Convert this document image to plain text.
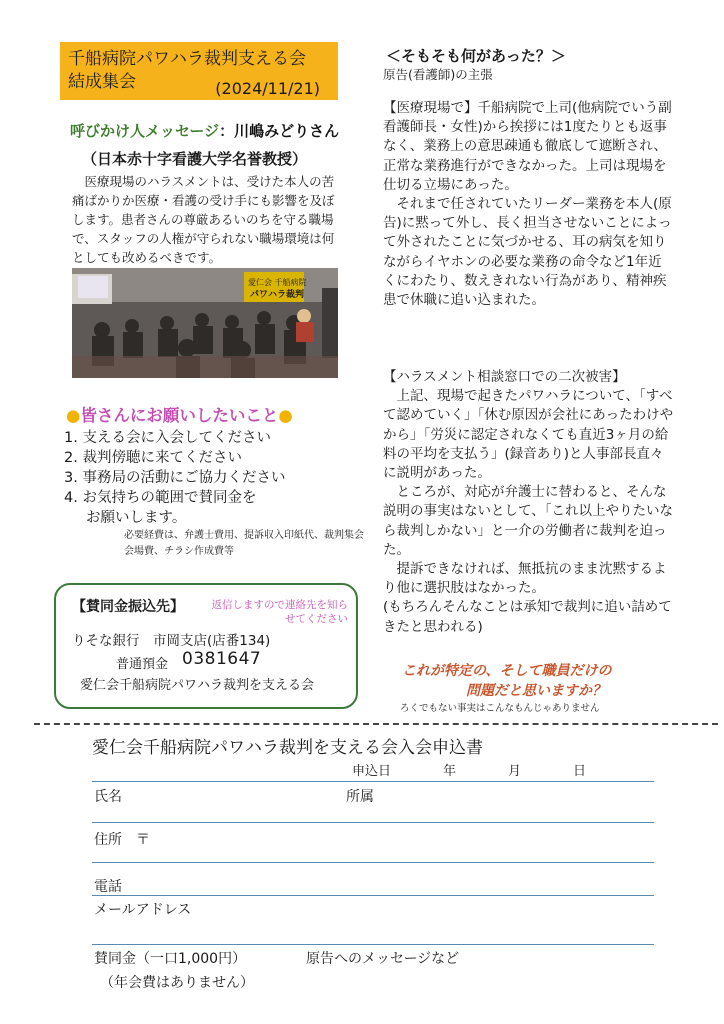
千船病院パワハラ裁判支える会
結成集会	(2024/11/21)
呼びかけ人メッセージ：川嶋みどりさん
（日本赤十字看護大学名誉教授）
医療現場のハラスメントは、受けた本人の苦痛ばかりか医療・看護の受け手にも影響を及ぼします。患者さんの尊厳あるいのちを守る職場で、スタッフの人権が守られない職場環境は何としても改めるべきです。
愛仁会 千船病院
パワハラ裁判
●皆さんにお願いしたいこと●
1. 支える会に入会してください
2. 裁判傍聴に来てください
3. 事務局の活動にご協力ください
4. お気持ちの範囲で賛同金を
お願いします。
必要経費は、弁護士費用、提訴収入印紙代、裁判集会会場費、チラシ作成費等
【賛同金振込先】	返信しますので連絡先を知らせてください
りそな銀行　市岡支店(店番134)
普通預金 0381647
愛仁会千船病院パワハラ裁判を支える会
＜そもそも何があった？＞
原告(看護師)の主張

【医療現場で】千船病院で上司(他病院でいう副看護師長・女性)から挨拶には1度たりとも返事なく、業務上の意思疎通も徹底して遮断され、正常な業務進行ができなかった。上司は現場を仕切る立場にあった。

それまで任されていたリーダー業務を本人(原告)に黙って外し、長く担当させないことによって外されたことに気づかせる、耳の病気を知りながらイヤホンの必要な業務の命令など1年近くにわたり、数えきれない行為があり、精神疾患で休職に追い込まれた。

【ハラスメント相談窓口での二次被害】

上記、現場で起きたパワハラについて、「すべて認めていく」「休む原因が会社にあったわけやから」「労災に認定されなくても直近3ヶ月の給料の平均を支払う」(録音あり)と人事部長直々に説明があった。

ところが、対応が弁護士に替わると、そんな説明の事実はないとして、「これ以上やりたいなら裁判しかない」と一介の労働者に裁判を迫った。

提訴できなければ、無抵抗のまま沈黙するより他に選択肢はなかった。

(もちろんそんなことは承知で裁判に追い詰めてきたと思われる)

これが特定の、そして職員だけの
問題だと思いますか？
ろくでもない事実はこんなもんじゃありません
愛仁会千船病院パワハラ裁判を支える会入会申込書
申込日　　　　年　　　　月　　　　日
氏名	所属
住所　〒
電話
メールアドレス
賛同金（一口1,000円）	原告へのメッセージなど
（年会費はありません）
